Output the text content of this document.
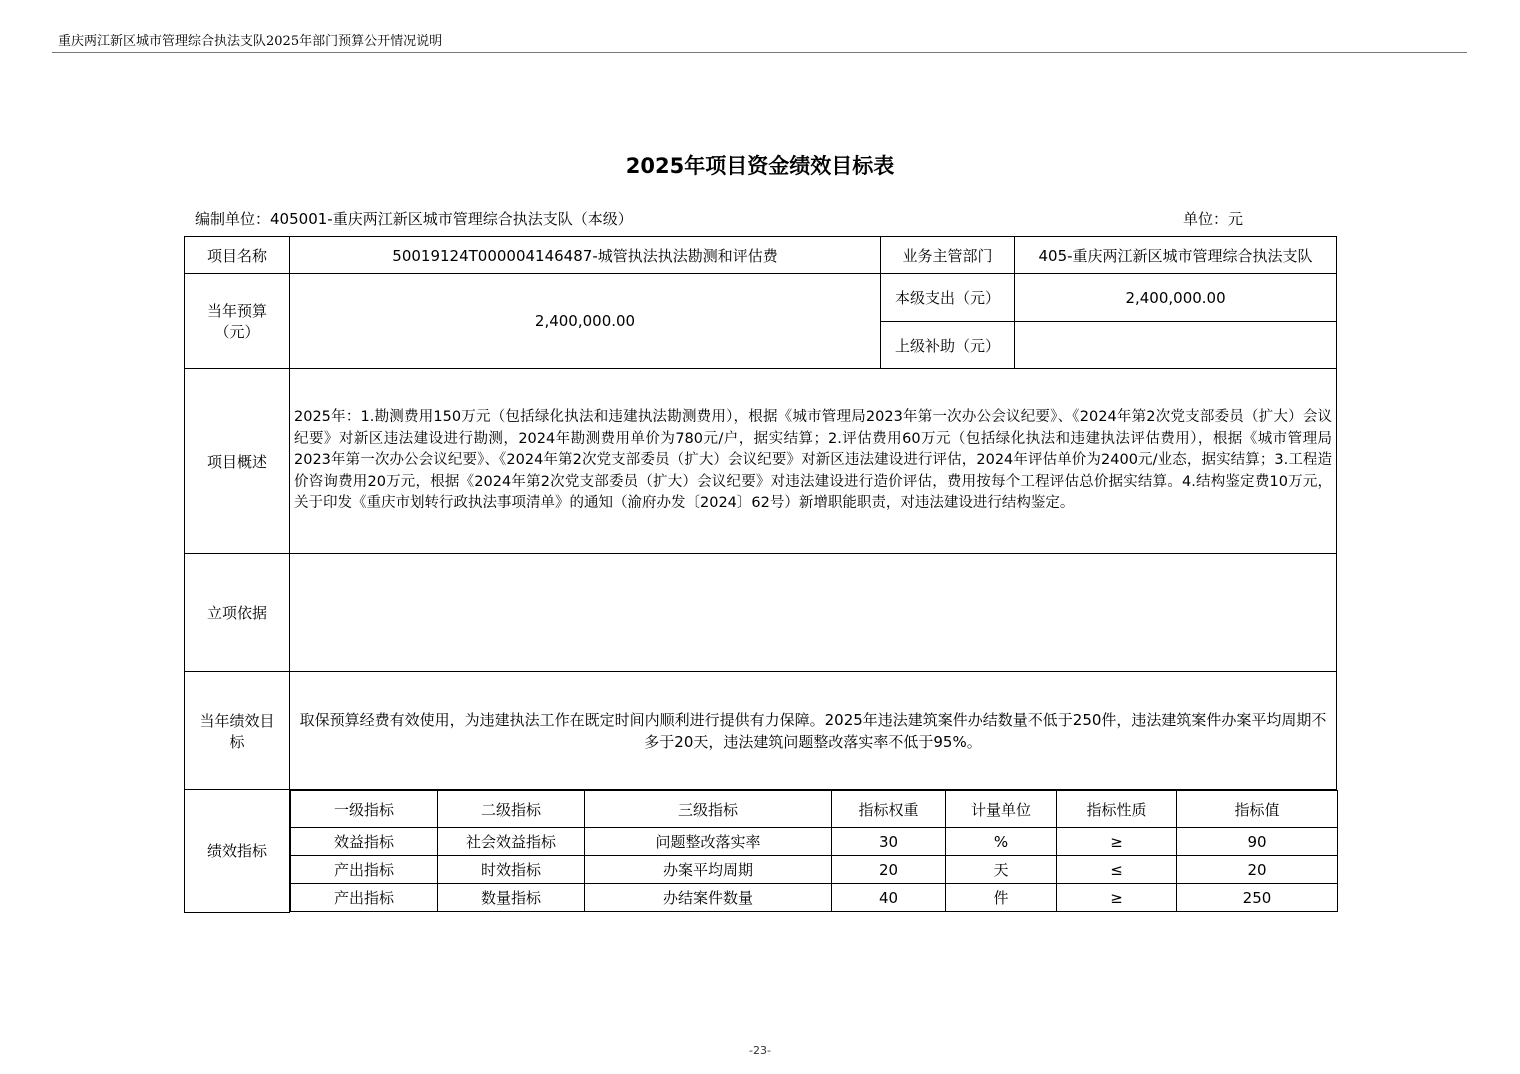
重庆两江新区城市管理综合执法支队2025年部门预算公开情况说明
2025年项目资金绩效目标表
编制单位：405001-重庆两江新区城市管理综合执法支队（本级）	单位：元
项目名称	50019124T000004146487-城管执法执法勘测和评估费	业务主管部门	405-重庆两江新区城市管理综合执法支队
当年预算（元）	2,400,000.00	本级支出（元）	2,400,000.00
上级补助（元）	
项目概述	2025年：1.勘测费用150万元（包括绿化执法和违建执法勘测费用），根据《城市管理局2023年第一次办公会议纪要》、《2024年第2次党支部委员（扩大）会议纪要》对新区违法建设进行勘测，2024年勘测费用单价为780元/户，据实结算；2.评估费用60万元（包括绿化执法和违建执法评估费用），根据《城市管理局2023年第一次办公会议纪要》、《2024年第2次党支部委员（扩大）会议纪要》对新区违法建设进行评估，2024年评估单价为2400元/业态，据实结算；3.工程造价咨询费用20万元，根据《2024年第2次党支部委员（扩大）会议纪要》对违法建设进行造价评估，费用按每个工程评估总价据实结算。4.结构鉴定费10万元，关于印发《重庆市划转行政执法事项清单》的通知（渝府办发〔2024〕62号）新增职能职责，对违法建设进行结构鉴定。
立项依据	
当年绩效目标	取保预算经费有效使用，为违建执法工作在既定时间内顺利进行提供有力保障。2025年违法建筑案件办结数量不低于250件，违法建筑案件办案平均周期不多于20天，违法建筑问题整改落实率不低于95%。
绩效指标	
一级指标	二级指标	三级指标	指标权重	计量单位	指标性质	指标值
效益指标	社会效益指标	问题整改落实率	30	%	≥	90
产出指标	时效指标	办案平均周期	20	天	≤	20
产出指标	数量指标	办结案件数量	40	件	≥	250
-23-
